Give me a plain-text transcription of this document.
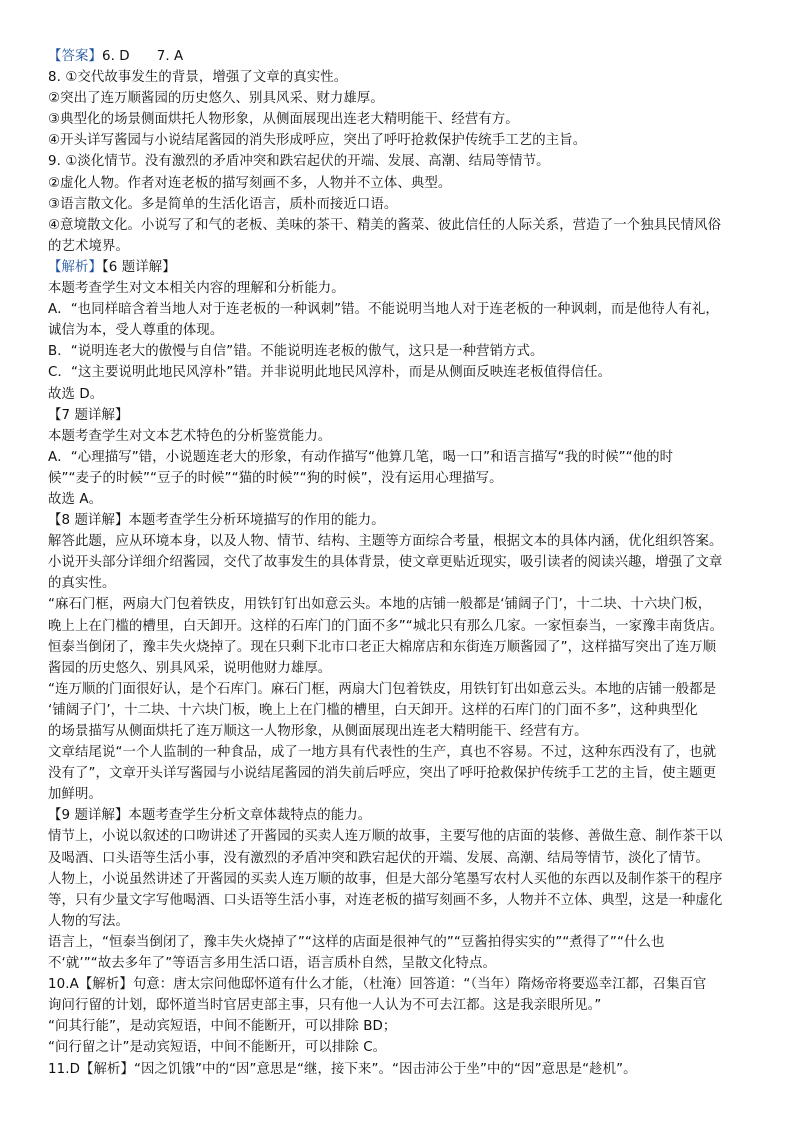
【答案】6. D　　7. A
8. ①交代故事发生的背景，增强了文章的真实性。
②突出了连万顺酱园的历史悠久、别具风采、财力雄厚。
③典型化的场景侧面烘托人物形象，从侧面展现出连老大精明能干、经营有方。
④开头详写酱园与小说结尾酱园的消失形成呼应，突出了呼吁抢救保护传统手工艺的主旨。
9. ①淡化情节。没有激烈的矛盾冲突和跌宕起伏的开端、发展、高潮、结局等情节。
②虚化人物。作者对连老板的描写刻画不多，人物并不立体、典型。
③语言散文化。多是简单的生活化语言，质朴而接近口语。
④意境散文化。小说写了和气的老板、美味的茶干、精美的酱菜、彼此信任的人际关系，营造了一个独具民情风俗
的艺术境界。
【解析】【6 题详解】
本题考查学生对文本相关内容的理解和分析能力。
A．“也同样暗含着当地人对于连老板的一种讽刺”错。不能说明当地人对于连老板的一种讽刺，而是他待人有礼，
诚信为本，受人尊重的体现。
B．“说明连老大的傲慢与自信”错。不能说明连老板的傲气，这只是一种营销方式。
C．“这主要说明此地民风淳朴”错。并非说明此地民风淳朴，而是从侧面反映连老板值得信任。
故选 D。
【7 题详解】
本题考查学生对文本艺术特色的分析鉴赏能力。
A．“心理描写”错，小说题连老大的形象，有动作描写“他算几笔，喝一口”和语言描写“我的时候”“他的时
候”“麦子的时候”“豆子的时候”“猫的时候”“狗的时候”，没有运用心理描写。
故选 A。
【8 题详解】本题考查学生分析环境描写的作用的能力。
解答此题，应从环境本身，以及人物、情节、结构、主题等方面综合考量，根据文本的具体内涵，优化组织答案。
小说开头部分详细介绍酱园，交代了故事发生的具体背景，使文章更贴近现实，吸引读者的阅读兴趣，增强了文章
的真实性。
“麻石门框，两扇大门包着铁皮，用铁钉钉出如意云头。本地的店铺一般都是‘铺阔子门’，十二块、十六块门板，
晚上上在门槛的槽里，白天卸开。这样的石库门的门面不多”“城北只有那么几家。一家恒泰当，一家豫丰南货店。
恒泰当倒闭了，豫丰失火烧掉了。现在只剩下北市口老正大棉席店和东街连万顺酱园了”，这样描写突出了连万顺
酱园的历史悠久、别具风采，说明他财力雄厚。
“连万顺的门面很好认，是个石库门。麻石门框，两扇大门包着铁皮，用铁钉钉出如意云头。本地的店铺一般都是
‘铺阔子门’，十二块、十六块门板，晚上上在门槛的槽里，白天卸开。这样的石库门的门面不多”，这种典型化
的场景描写从侧面烘托了连万顺这一人物形象，从侧面展现出连老大精明能干、经营有方。
文章结尾说“一个人监制的一种食品，成了一地方具有代表性的生产，真也不容易。不过，这种东西没有了，也就
没有了”，文章开头详写酱园与小说结尾酱园的消失前后呼应，突出了呼吁抢救保护传统手工艺的主旨，使主题更
加鲜明。
【9 题详解】本题考查学生分析文章体裁特点的能力。
情节上，小说以叙述的口吻讲述了开酱园的买卖人连万顺的故事，主要写他的店面的装修、善做生意、制作茶干以
及喝酒、口头语等生活小事，没有激烈的矛盾冲突和跌宕起伏的开端、发展、高潮、结局等情节，淡化了情节。
人物上，小说虽然讲述了开酱园的买卖人连万顺的故事，但是大部分笔墨写农村人买他的东西以及制作茶干的程序
等，只有少量文字写他喝酒、口头语等生活小事，对连老板的描写刻画不多，人物并不立体、典型，这是一种虚化
人物的写法。
语言上，“恒泰当倒闭了，豫丰失火烧掉了”“这样的店面是很神气的”“豆酱拍得实实的”“煮得了”“什么也
不‘就’”“故去多年了”等语言多用生活口语，语言质朴自然，呈散文化特点。
10.A【解析】句意：唐太宗问他邸怀道有什么才能，（杜淹）回答道：“（当年）隋炀帝将要巡幸江都，召集百官
询问行留的计划，邸怀道当时官居吏部主事，只有他一人认为不可去江都。这是我亲眼所见。”
“问其行能”，是动宾短语，中间不能断开，可以排除 BD；
“问行留之计”是动宾短语，中间不能断开，可以排除 C。
11.D【解析】“因之饥饿”中的“因”意思是“继，接下来”。“因击沛公于坐”中的“因”意思是“趁机”。
